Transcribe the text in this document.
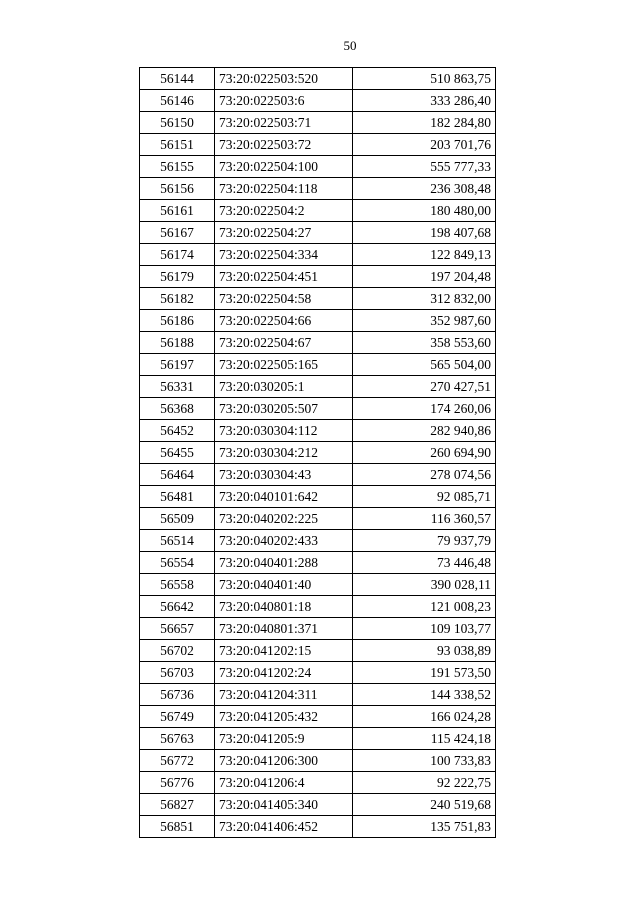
50
56144	73:20:022503:520	510 863,75
56146	73:20:022503:6	333 286,40
56150	73:20:022503:71	182 284,80
56151	73:20:022503:72	203 701,76
56155	73:20:022504:100	555 777,33
56156	73:20:022504:118	236 308,48
56161	73:20:022504:2	180 480,00
56167	73:20:022504:27	198 407,68
56174	73:20:022504:334	122 849,13
56179	73:20:022504:451	197 204,48
56182	73:20:022504:58	312 832,00
56186	73:20:022504:66	352 987,60
56188	73:20:022504:67	358 553,60
56197	73:20:022505:165	565 504,00
56331	73:20:030205:1	270 427,51
56368	73:20:030205:507	174 260,06
56452	73:20:030304:112	282 940,86
56455	73:20:030304:212	260 694,90
56464	73:20:030304:43	278 074,56
56481	73:20:040101:642	92 085,71
56509	73:20:040202:225	116 360,57
56514	73:20:040202:433	79 937,79
56554	73:20:040401:288	73 446,48
56558	73:20:040401:40	390 028,11
56642	73:20:040801:18	121 008,23
56657	73:20:040801:371	109 103,77
56702	73:20:041202:15	93 038,89
56703	73:20:041202:24	191 573,50
56736	73:20:041204:311	144 338,52
56749	73:20:041205:432	166 024,28
56763	73:20:041205:9	115 424,18
56772	73:20:041206:300	100 733,83
56776	73:20:041206:4	92 222,75
56827	73:20:041405:340	240 519,68
56851	73:20:041406:452	135 751,83
